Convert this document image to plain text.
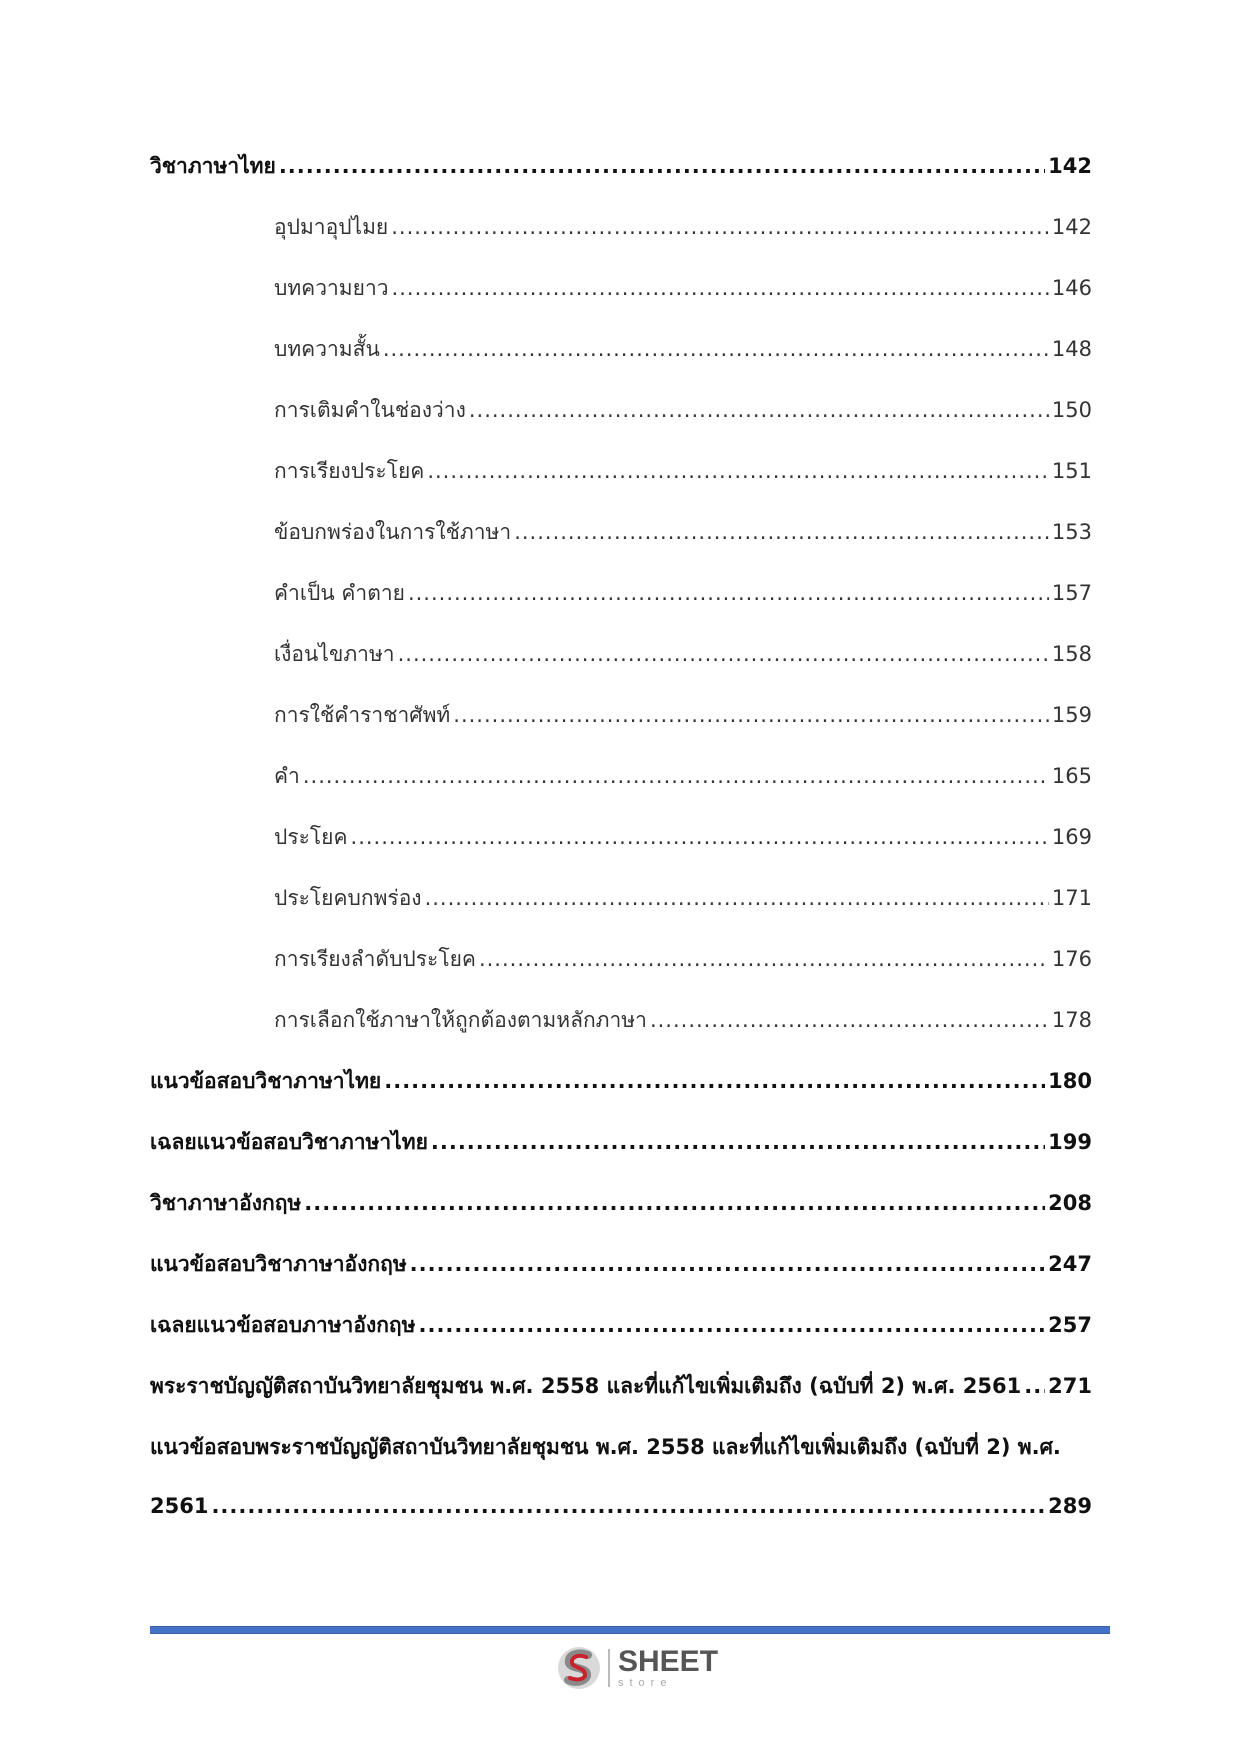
วิชาภาษาไทย .....	142
อุปมาอุปไมย .....	142
บทความยาว .....	146
บทความสั้น .....	148
การเติมคำในช่องว่าง .....	150
การเรียงประโยค .....	151
ข้อบกพร่องในการใช้ภาษา .....	153
คำเป็น คำตาย .....	157
เงื่อนไขภาษา .....	158
การใช้คำราชาศัพท์ .....	159
คำ .....	165
ประโยค .....	169
ประโยคบกพร่อง .....	171
การเรียงลำดับประโยค .....	176
การเลือกใช้ภาษาให้ถูกต้องตามหลักภาษา .....	178
แนวข้อสอบวิชาภาษาไทย .....	180
เฉลยแนวข้อสอบวิชาภาษาไทย .....	199
วิชาภาษาอังกฤษ .....	208
แนวข้อสอบวิชาภาษาอังกฤษ .....	247
เฉลยแนวข้อสอบภาษาอังกฤษ .....	257
พระราชบัญญัติสถาบันวิทยาลัยชุมชน พ.ศ. 2558 และที่แก้ไขเพิ่มเติมถึง (ฉบับที่ 2) พ.ศ. 2561 ..... 271
แนวข้อสอบพระราชบัญญัติสถาบันวิทยาลัยชุมชน พ.ศ. 2558 และที่แก้ไขเพิ่มเติมถึง (ฉบับที่ 2) พ.ศ.
2561 .....	289
SHEET
store
